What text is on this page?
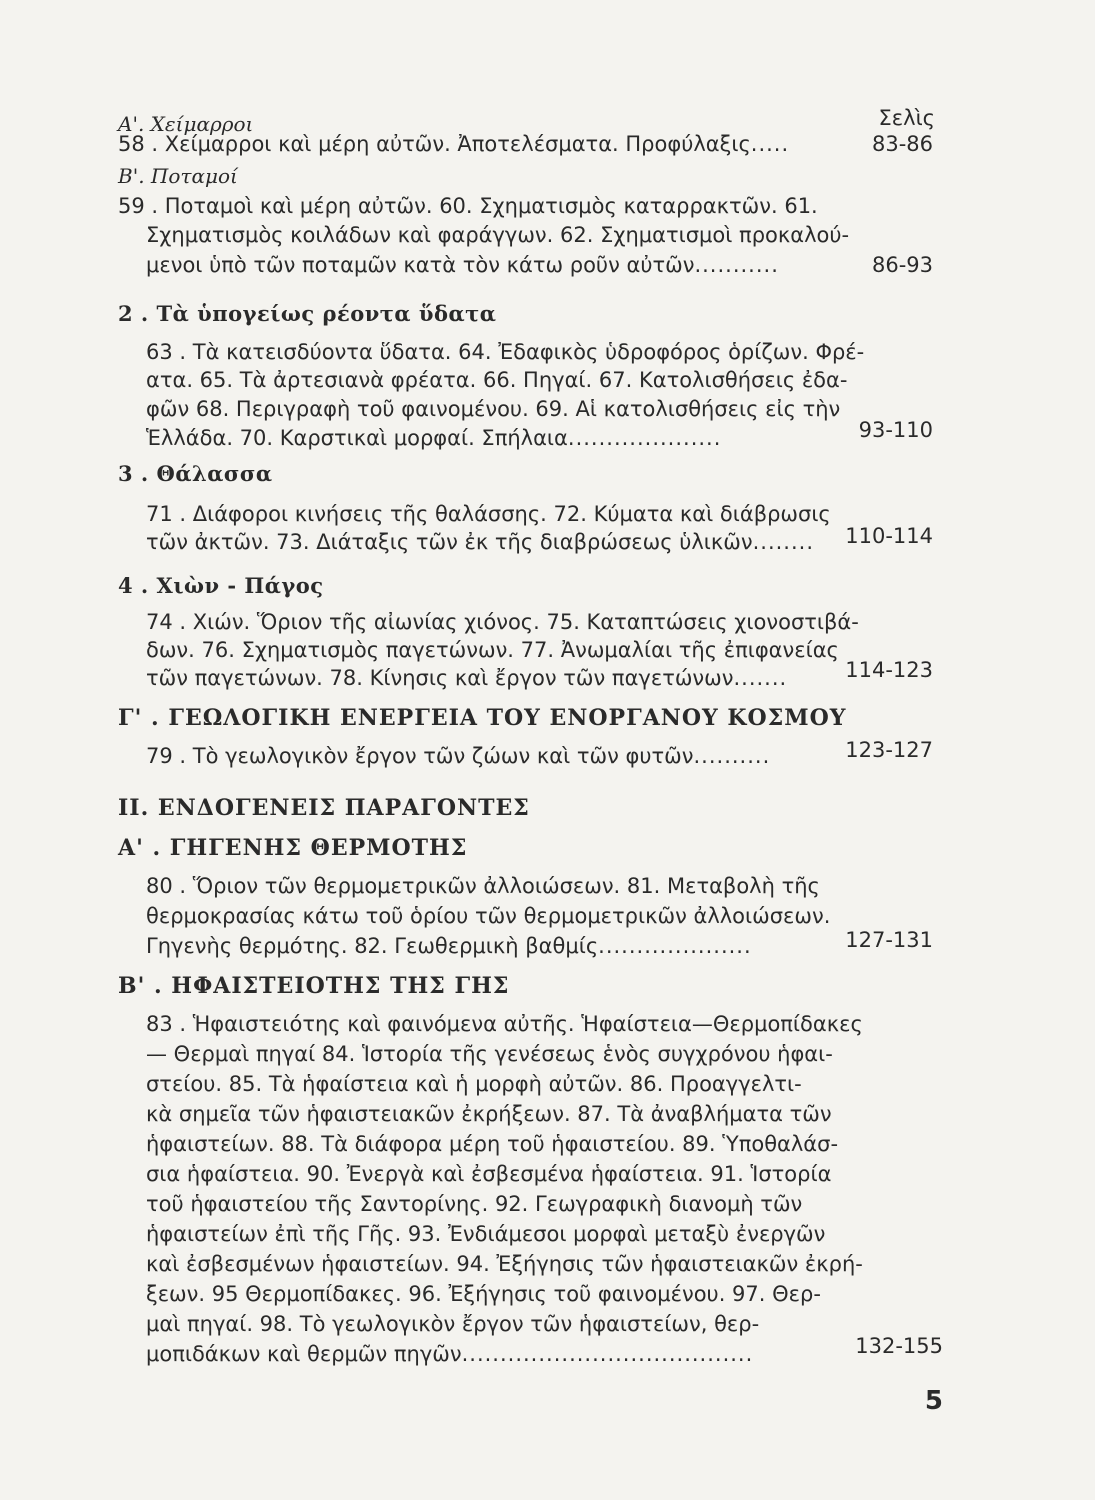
Α'. Χείμαρροι	Σελὶς
58 . Χείμαρροι καὶ μέρη αὐτῶν. Ἀποτελέσματα. Προφύλαξις.....	83-86
Β'. Ποταμοί
59 . Ποταμοὶ καὶ μέρη αὐτῶν. 60. Σχηματισμὸς καταρρακτῶν. 61.
Σχηματισμὸς κοιλάδων καὶ φαράγγων. 62. Σχηματισμοὶ προκαλού-
μενοι ὑπὸ τῶν ποταμῶν κατὰ τὸν κάτω ροῦν αὐτῶν...........	86-93
2 . Τὰ ὑπογείως ρέοντα ὕδατα
63 . Τὰ κατεισδύοντα ὕδατα. 64. Ἐδαφικὸς ὑδροφόρος ὁρίζων. Φρέ-
ατα. 65. Τὰ ἀρτεσιανὰ φρέατα. 66. Πηγαί. 67. Κατολισθήσεις ἐδα-
φῶν 68. Περιγραφὴ τοῦ φαινομένου. 69. Αἱ κατολισθήσεις εἰς τὴν
Ἑλλάδα. 70. Καρστικαὶ μορφαί. Σπήλαια....................	93-110
3 . Θάλασσα
71 . Διάφοροι κινήσεις τῆς θαλάσσης. 72. Κύματα καὶ διάβρωσις
τῶν ἀκτῶν. 73. Διάταξις τῶν ἐκ τῆς διαβρώσεως ὑλικῶν........ 110-114
4 . Χιὼν - Πάγος
74 . Χιών. Ὅριον τῆς αἰωνίας χιόνος. 75. Καταπτώσεις χιονοστιβά-
δων. 76. Σχηματισμὸς παγετώνων. 77. Ἀνωμαλίαι τῆς ἐπιφανείας
τῶν παγετώνων. 78. Κίνησις καὶ ἔργον τῶν παγετώνων.......	114-123
Γ' . ΓΕΩΛΟΓΙΚΗ ΕΝΕΡΓΕΙΑ ΤΟΥ ΕΝΟΡΓΑΝΟΥ ΚΟΣΜΟΥ
79 . Τὸ γεωλογικὸν ἔργον τῶν ζώων καὶ τῶν φυτῶν..........	123-127
ΙΙ. ΕΝΔΟΓΕΝΕΙΣ ΠΑΡΑΓΟΝΤΕΣ
Α' . ΓΗΓΕΝΗΣ ΘΕΡΜΟΤΗΣ
80 . Ὅριον τῶν θερμομετρικῶν ἀλλοιώσεων. 81. Μεταβολὴ τῆς
θερμοκρασίας κάτω τοῦ ὁρίου τῶν θερμομετρικῶν ἀλλοιώσεων.
Γηγενὴς θερμότης. 82. Γεωθερμικὴ βαθμίς....................	127-131
Β' . ΗΦΑΙΣΤΕΙΟΤΗΣ ΤΗΣ ΓΗΣ
83 . Ἡφαιστειότης καὶ φαινόμενα αὐτῆς. Ἡφαίστεια—Θερμοπίδακες
— Θερμαὶ πηγαί 84. Ἱστορία τῆς γενέσεως ἑνὸς συγχρόνου ἡφαι-
στείου. 85. Τὰ ἡφαίστεια καὶ ἡ μορφὴ αὐτῶν. 86. Προαγγελτι-
κὰ σημεῖα τῶν ἡφαιστειακῶν ἐκρήξεων. 87. Τὰ ἀναβλήματα τῶν
ἡφαιστείων. 88. Τὰ διάφορα μέρη τοῦ ἡφαιστείου. 89. Ὑποθαλάσ-
σια ἡφαίστεια. 90. Ἐνεργὰ καὶ ἐσβεσμένα ἡφαίστεια. 91. Ἱστορία
τοῦ ἡφαιστείου τῆς Σαντορίνης. 92. Γεωγραφικὴ διανομὴ τῶν
ἡφαιστείων ἐπὶ τῆς Γῆς. 93. Ἐνδιάμεσοι μορφαὶ μεταξὺ ἐνεργῶν
καὶ ἐσβεσμένων ἡφαιστείων. 94. Ἐξήγησις τῶν ἡφαιστειακῶν ἐκρή-
ξεων. 95 Θερμοπίδακες. 96. Ἐξήγησις τοῦ φαινομένου. 97. Θερ-
μαὶ πηγαί. 98. Τὸ γεωλογικὸν ἔργον τῶν ἡφαιστείων, θερ-
μοπιδάκων καὶ θερμῶν πηγῶν......................................	132-155
5
